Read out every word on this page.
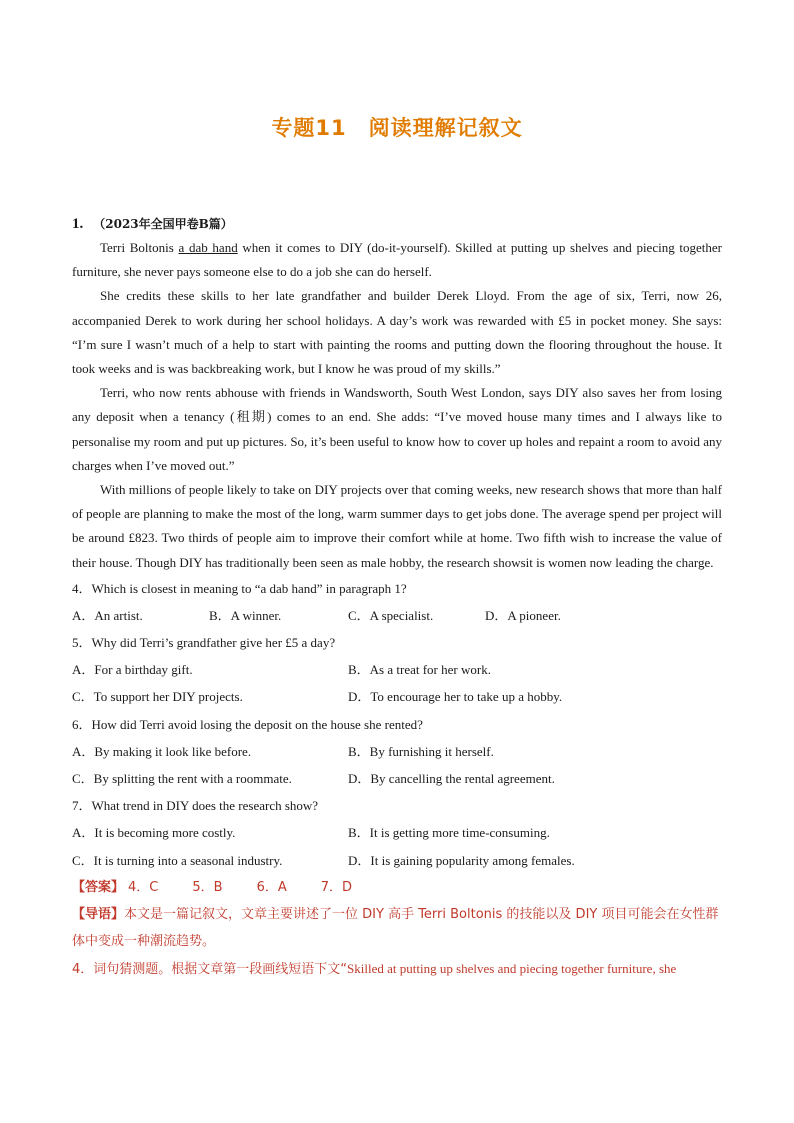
专题11 阅读理解记叙文
1. （2023年全国甲卷B篇）

Terri Boltonis a dab hand when it comes to DIY (do-it-yourself). Skilled at putting up shelves and piecing together furniture, she never pays someone else to do a job she can do herself.

She credits these skills to her late grandfather and builder Derek Lloyd. From the age of six, Terri, now 26, accompanied Derek to work during her school holidays. A day’s work was rewarded with £5 in pocket money. She says: “I’m sure I wasn’t much of a help to start with painting the rooms and putting down the flooring throughout the house. It took weeks and is was backbreaking work, but I know he was proud of my skills.”

Terri, who now rents abhouse with friends in Wandsworth, South West London, says DIY also saves her from losing any deposit when a tenancy (租期) comes to an end. She adds: “I’ve moved house many times and I always like to personalise my room and put up pictures. So, it’s been useful to know how to cover up holes and repaint a room to avoid any charges when I’ve moved out.”

With millions of people likely to take on DIY projects over that coming weeks, new research shows that more than half of people are planning to make the most of the long, warm summer days to get jobs done. The average spend per project will be around £823. Two thirds of people aim to improve their comfort while at home. Two fifth wish to increase the value of their house. Though DIY has traditionally been seen as male hobby, the research showsit is women now leading the charge.

4．Which is closest in meaning to “a dab hand” in paragraph 1?
A．An artist.	B．A winner.	C．A specialist.	D．A pioneer.
5．Why did Terri’s grandfather give her £5 a day?
A．For a birthday gift.	B．As a treat for her work.
C．To support her DIY projects.	D．To encourage her to take up a hobby.
6．How did Terri avoid losing the deposit on the house she rented?
A．By making it look like before.	B．By furnishing it herself.
C．By splitting the rent with a roommate.	D．By cancelling the rental agreement.
7．What trend in DIY does the research show?
A．It is becoming more costly.	B．It is getting more time-consuming.
C．It is turning into a seasonal industry.	D．It is gaining popularity among females.
【答案】 4．C	5．B	6．A	7．D
【导语】本文是一篇记叙文，文章主要讲述了一位 DIY 高手 Terri Boltonis 的技能以及 DIY 项目可能会在女性群体中变成一种潮流趋势。
4．词句猜测题。根据文章第一段画线短语下文“Skilled at putting up shelves and piecing together furniture, she
